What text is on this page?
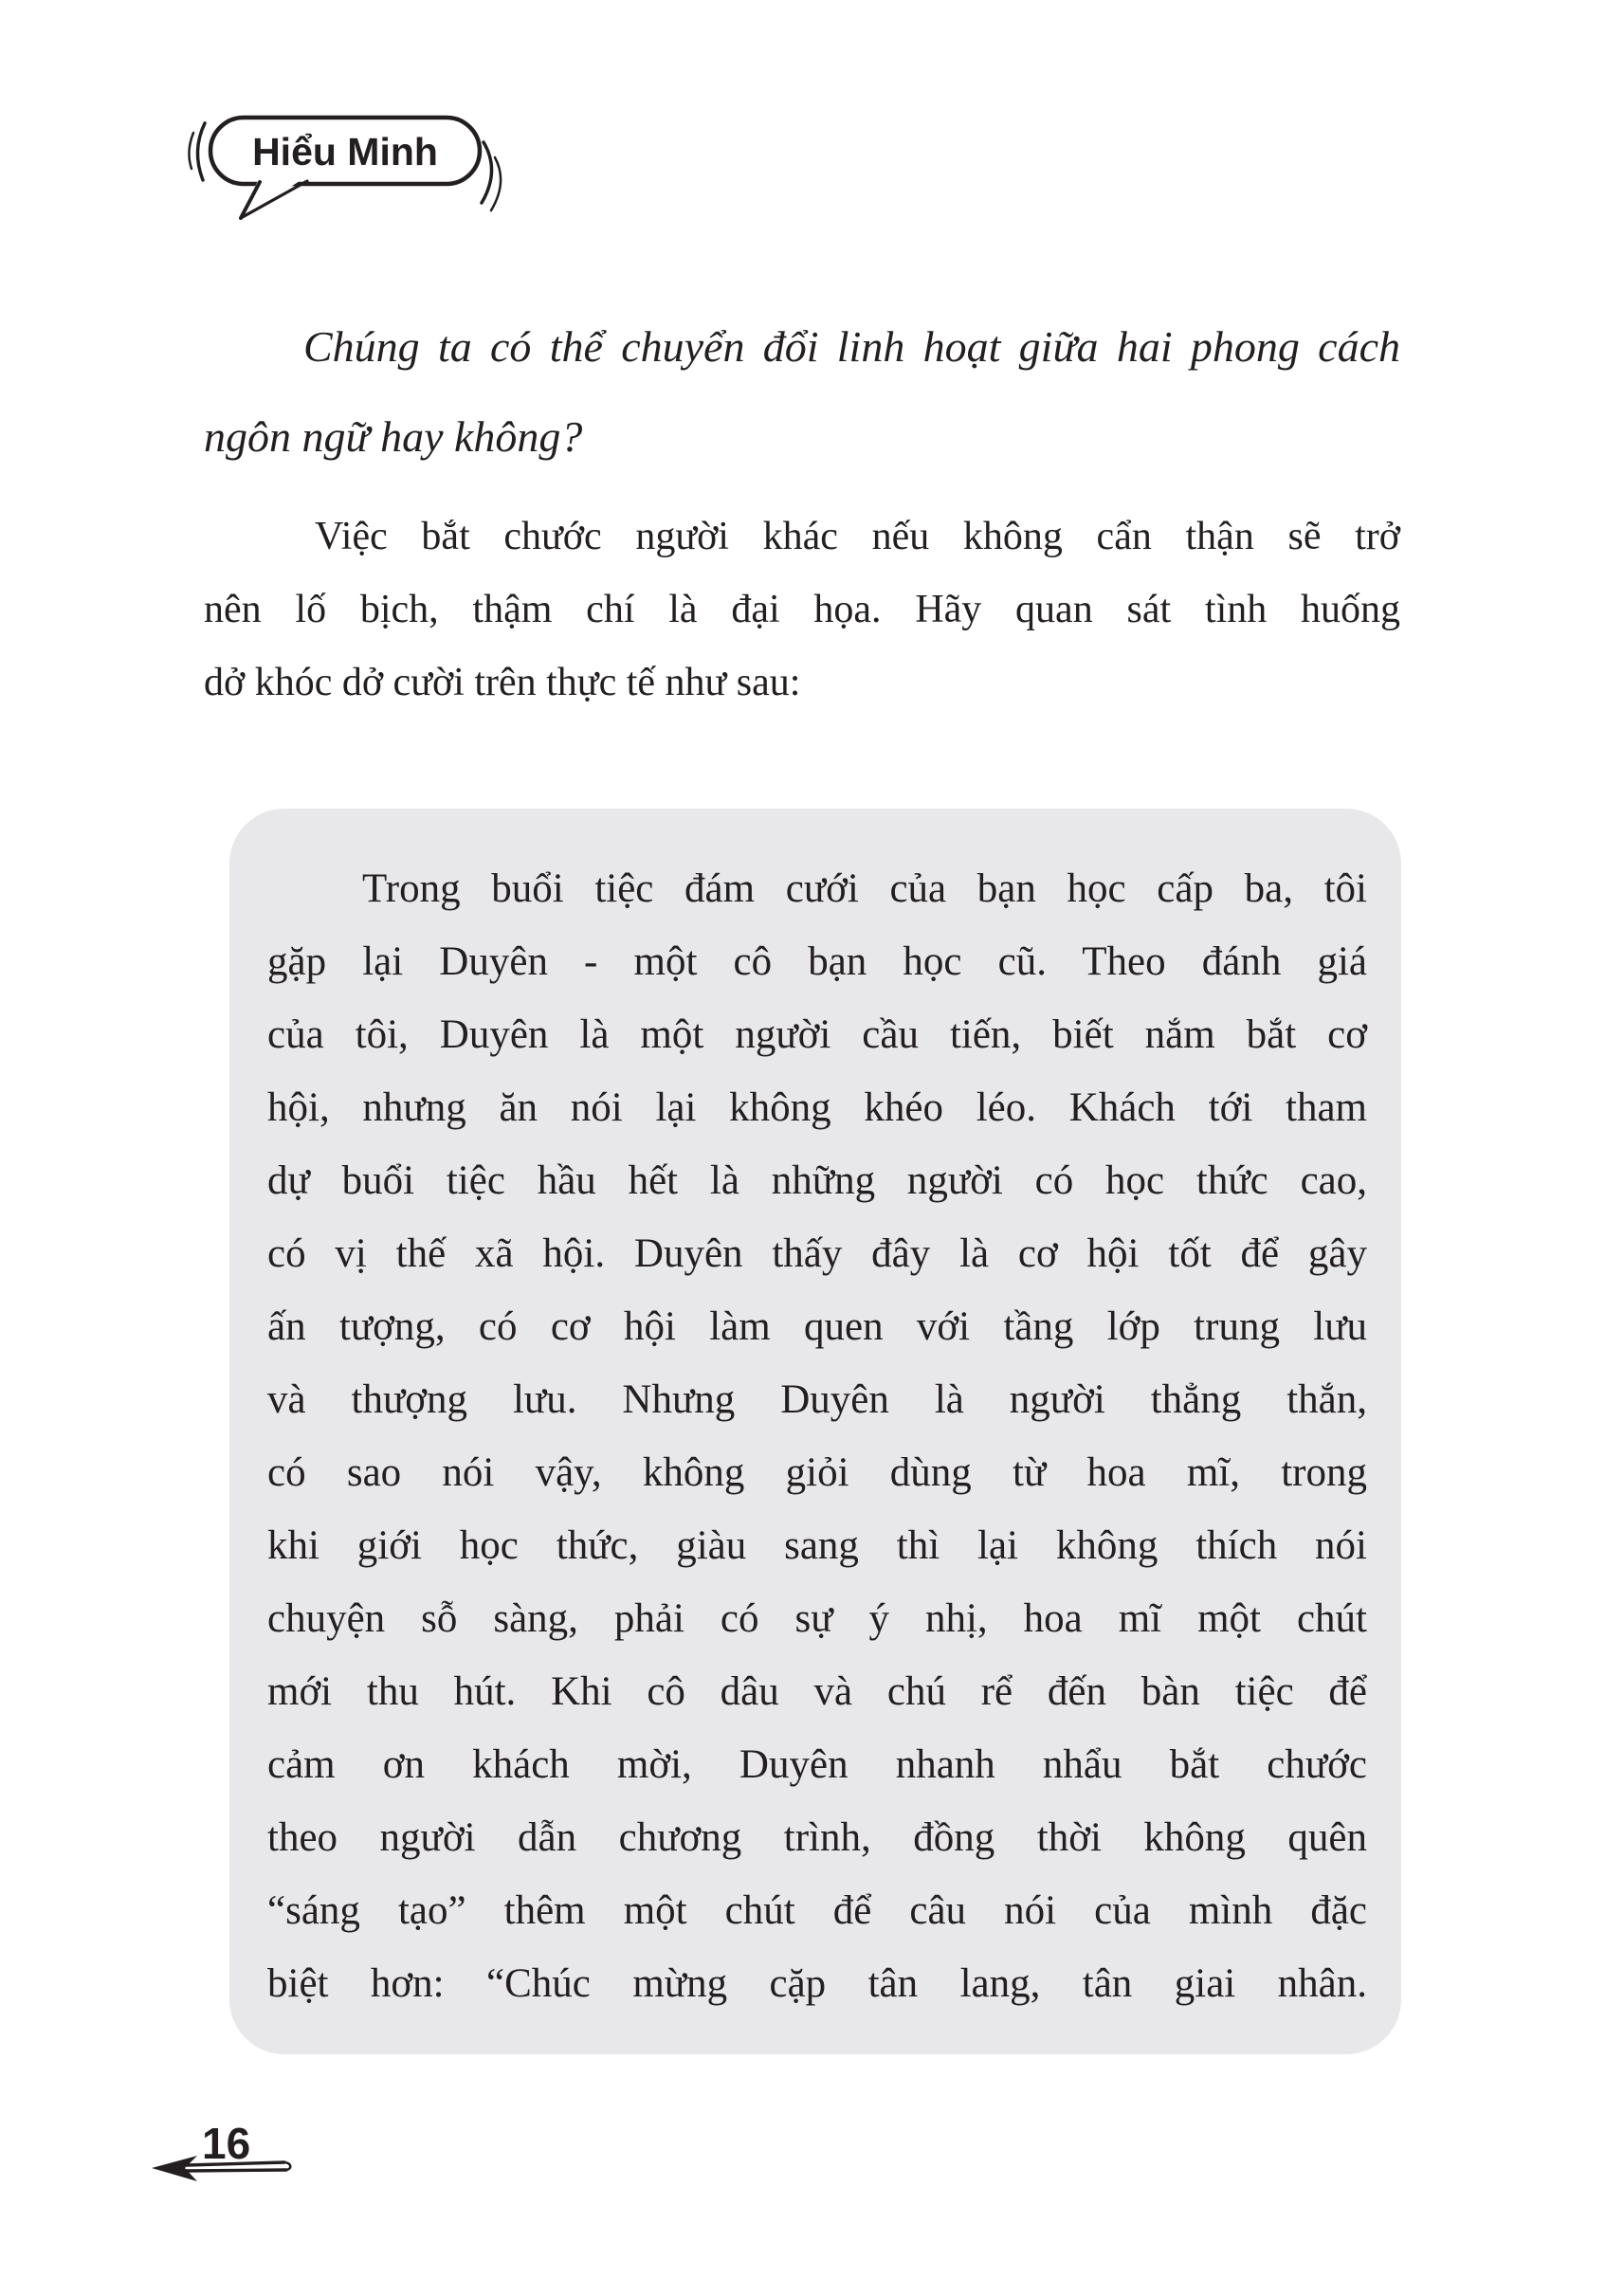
Hiểu Minh
Chúng ta có thể chuyển đổi linh hoạt giữa hai phong cách
ngôn ngữ hay không?
Việc bắt chước người khác nếu không cẩn thận sẽ trở
nên lố bịch, thậm chí là đại họa. Hãy quan sát tình huống
dở khóc dở cười trên thực tế như sau:
Trong buổi tiệc đám cưới của bạn học cấp ba, tôi
gặp lại Duyên - một cô bạn học cũ. Theo đánh giá
của tôi, Duyên là một người cầu tiến, biết nắm bắt cơ
hội, nhưng ăn nói lại không khéo léo. Khách tới tham
dự buổi tiệc hầu hết là những người có học thức cao,
có vị thế xã hội. Duyên thấy đây là cơ hội tốt để gây
ấn tượng, có cơ hội làm quen với tầng lớp trung lưu
và thượng lưu. Nhưng Duyên là người thẳng thắn,
có sao nói vậy, không giỏi dùng từ hoa mĩ, trong
khi giới học thức, giàu sang thì lại không thích nói
chuyện sỗ sàng, phải có sự ý nhị, hoa mĩ một chút
mới thu hút. Khi cô dâu và chú rể đến bàn tiệc để
cảm ơn khách mời, Duyên nhanh nhẩu bắt chước
theo người dẫn chương trình, đồng thời không quên
“sáng tạo” thêm một chút để câu nói của mình đặc
biệt hơn: “Chúc mừng cặp tân lang, tân giai nhân.
16
